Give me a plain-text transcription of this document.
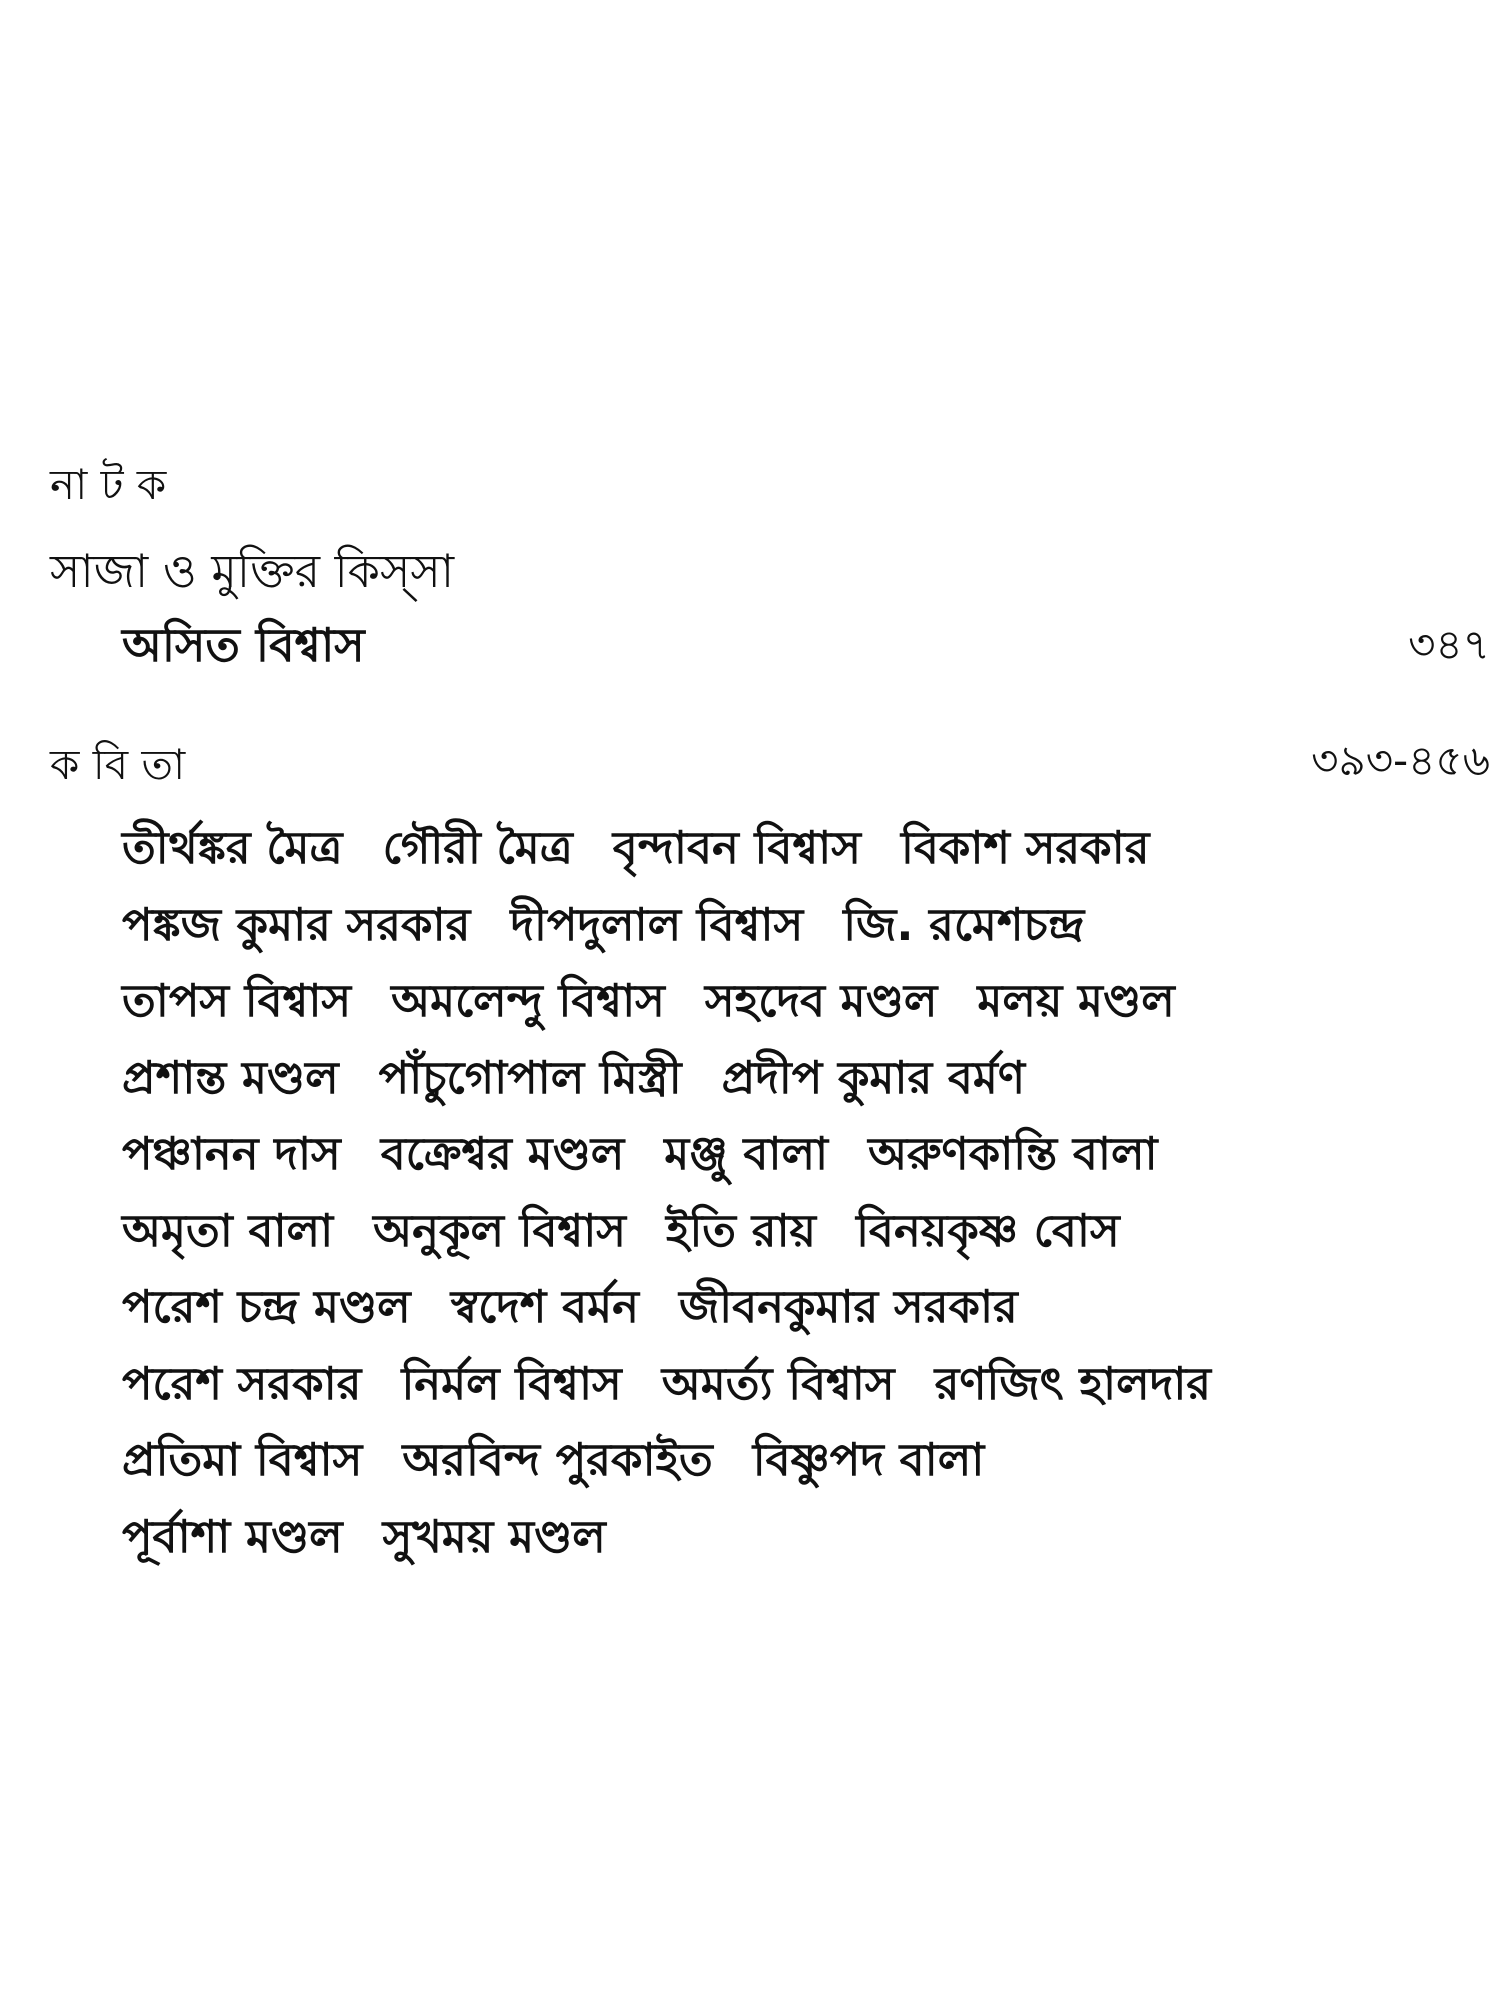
না ট ক
সাজা ও মুক্তির কিস্‌সা
অসিত বিশ্বাস	৩৪৭
ক বি তা	৩৯৩-৪৫৬
তীর্থঙ্কর মৈত্র গৌরী মৈত্র বৃন্দাবন বিশ্বাস বিকাশ সরকার
পঙ্কজ কুমার সরকার দীপদুলাল বিশ্বাস জি. রমেশচন্দ্র
তাপস বিশ্বাস অমলেন্দু বিশ্বাস সহদেব মণ্ডল মলয় মণ্ডল
প্রশান্ত মণ্ডল পাঁচুগোপাল মিস্ত্রী প্রদীপ কুমার বর্মণ
পঞ্চানন দাস বক্রেশ্বর মণ্ডল মঞ্জু বালা অরুণকান্তি বালা
অমৃতা বালা অনুকূল বিশ্বাস ইতি রায় বিনয়কৃষ্ণ বোস
পরেশ চন্দ্র মণ্ডল স্বদেশ বর্মন জীবনকুমার সরকার
পরেশ সরকার নির্মল বিশ্বাস অমর্ত্য বিশ্বাস রণজিৎ হালদার
প্রতিমা বিশ্বাস অরবিন্দ পুরকাইত বিষ্ণুপদ বালা
পূর্বাশা মণ্ডল সুখময় মণ্ডল
